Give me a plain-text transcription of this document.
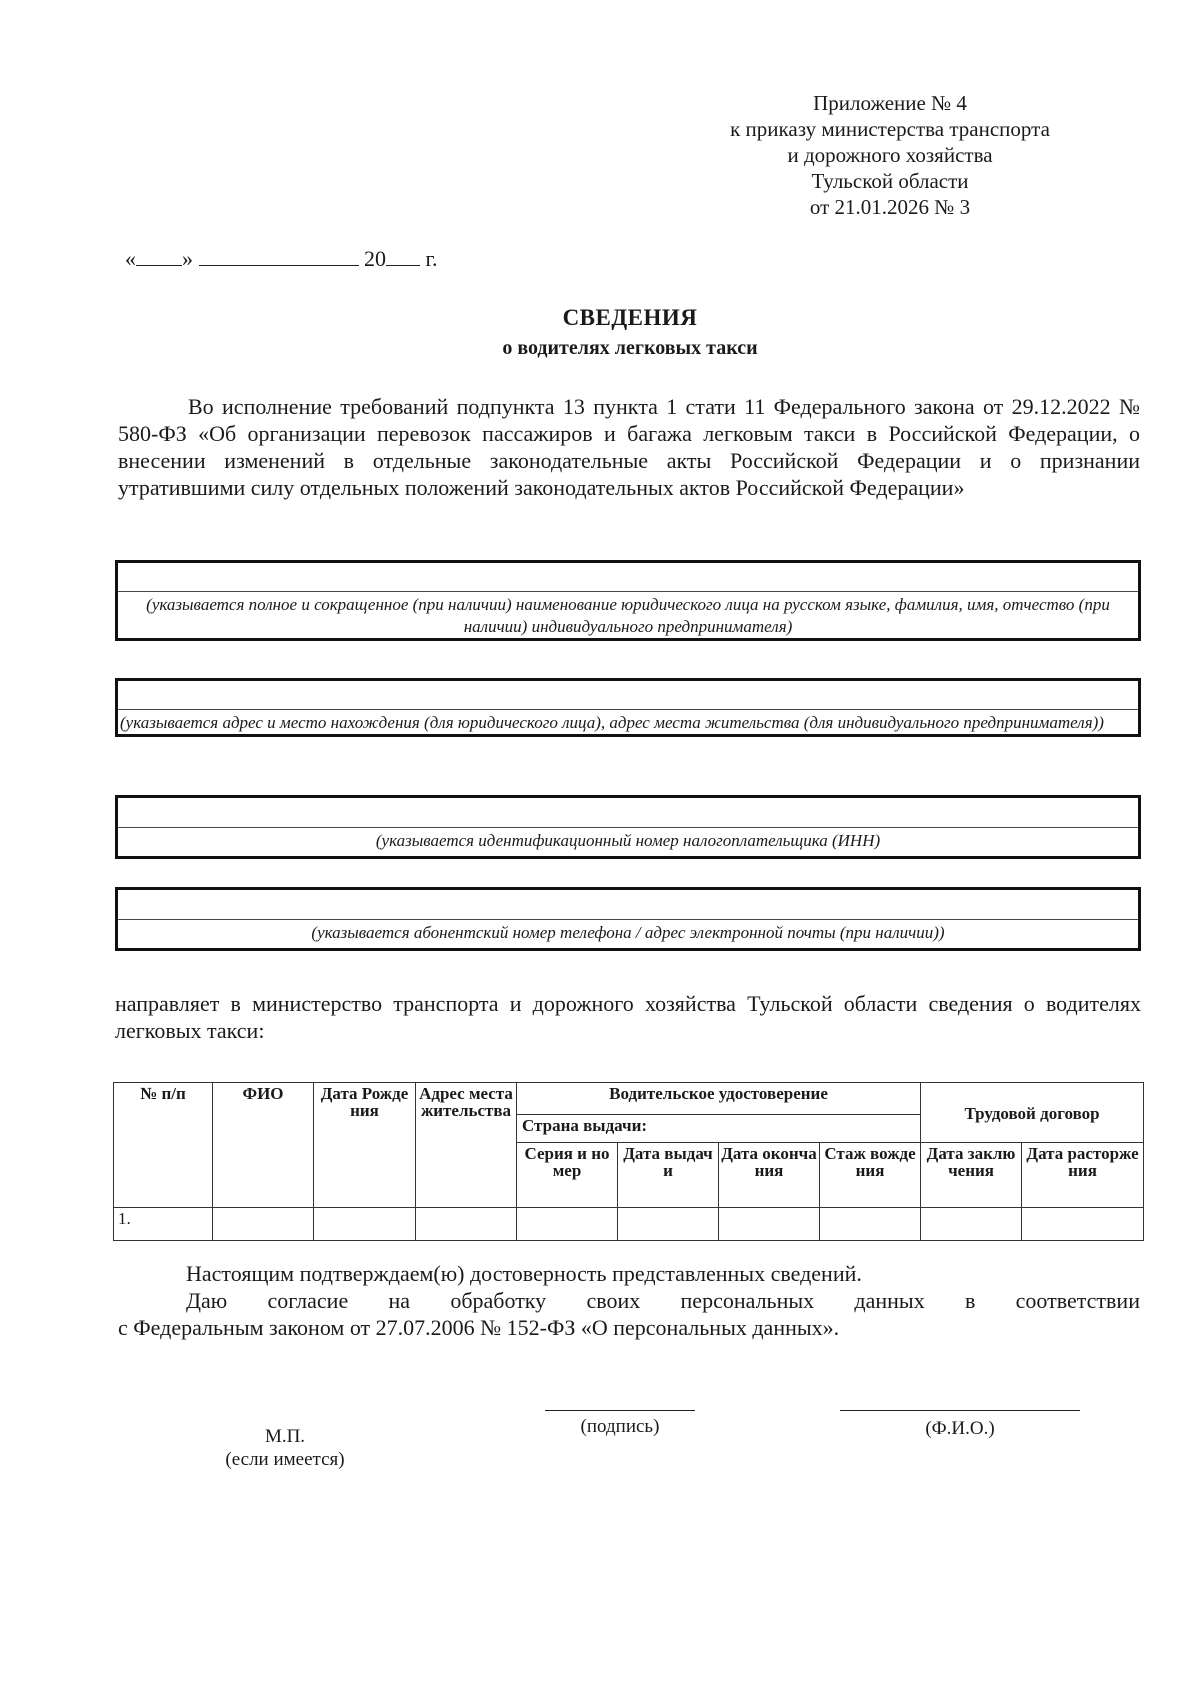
Приложение № 4
к приказу министерства транспорта
и дорожного хозяйства
Тульской области
от 21.01.2026 № 3
« »	20 г.
СВЕДЕНИЯ
о водителях легковых такси

Во исполнение требований подпункта 13 пункта 1 стати 11 Федерального закона от 29.12.2022 № 580-ФЗ «Об организации перевозок пассажиров и багажа легковым такси в Российской Федерации, о внесении изменений в отдельные законодательные акты Российской Федерации и о признании утратившими силу отдельных положений законодательных актов Российской Федерации»

(указывается полное и сокращенное (при наличии) наименование юридического лица на русском языке, фамилия, имя, отчество (при наличии) индивидуального предпринимателя)
(указывается адрес и место нахождения (для юридического лица), адрес места жительства (для индивидуального предпринимателя))
(указывается идентификационный номер налогоплательщика (ИНН)
(указывается абонентский номер телефона / адрес электронной почты (при наличии))

направляет в министерство транспорта и дорожного хозяйства Тульской области сведения о водителях легковых такси:

№ п/п	ФИО	Дата Рождения	Адрес места жительства	Водительское удостоверение				Трудовой договор	
				Страна выдачи:					
				Серия и номер	Дата выдачи	Дата окончания	Стаж вождения	Дата заключения	Дата расторжения
1.									
Настоящим подтверждаем(ю) достоверность представленных сведений.
Даю согласие на обработку своих персональных данных в соответствии
с Федеральным законом от 27.07.2006 № 152-ФЗ «О персональных данных».
М.П.
(если имеется)
(подпись)	(Ф.И.О.)
